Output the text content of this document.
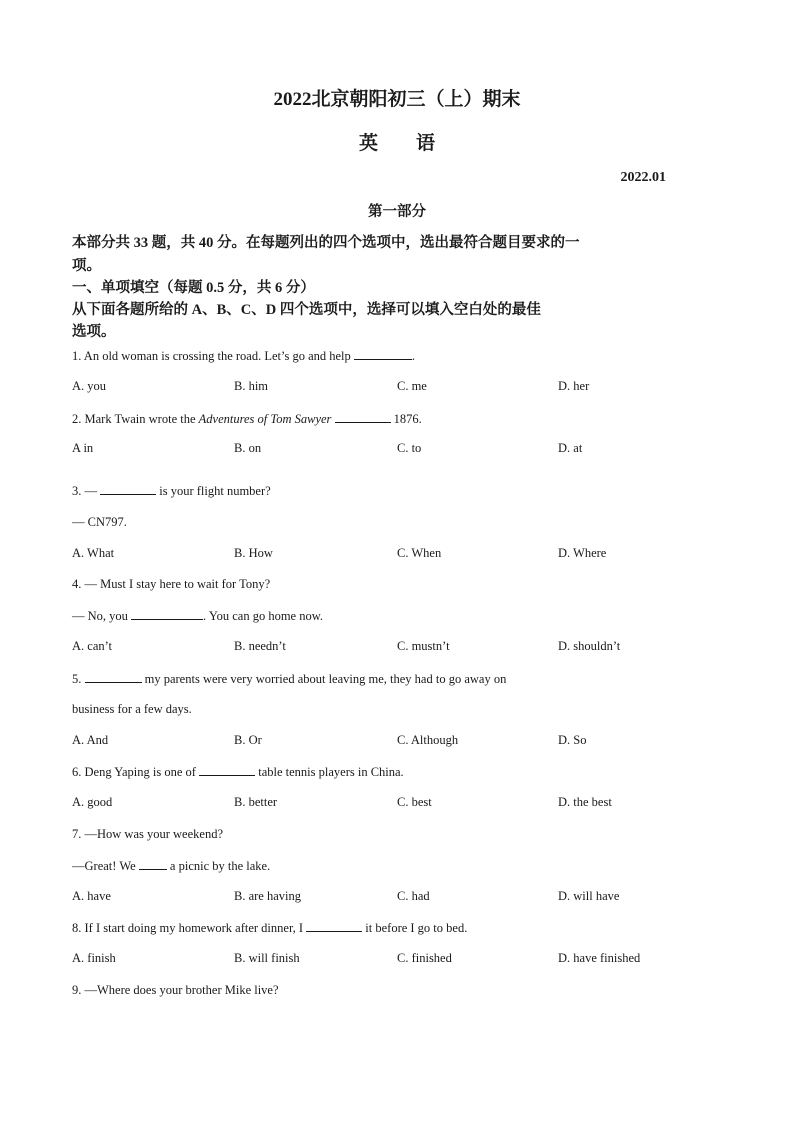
2022北京朝阳初三（上）期末
英 语
2022.01
第一部分
本部分共 33 题，共 40 分。在每题列出的四个选项中，选出最符合题目要求的一
项。
一、单项填空（每题 0.5 分，共 6 分）
从下面各题所给的 A、B、C、D 四个选项中，选择可以填入空白处的最佳
选项。
1. An old woman is crossing the road. Let’s go and help	.
A. you	B. him	C. me	D. her
2. Mark Twain wrote the Adventures of Tom Sawyer	1876.
A in	B. on	C. to	D. at
3. —	is your flight number?
— CN797.
A. What	B. How	C. When	D. Where
4. — Must I stay here to wait for Tony?
— No, you	. You can go home now.
A. can’t	B. needn’t	C. mustn’t	D. shouldn’t
5.	my parents were very worried about leaving me, they had to go away on
business for a few days.
A. And	B. Or	C. Although	D. So
6. Deng Yaping is one of	table tennis players in China.
A. good	B. better	C. best	D. the best
7. —How was your weekend?
—Great! We  a picnic by the lake.
A. have	B. are having	C. had	D. will have
8. If I start doing my homework after dinner, I	it before I go to bed.
A. finish	B. will finish	C. finished	D. have finished
9. —Where does your brother Mike live?
